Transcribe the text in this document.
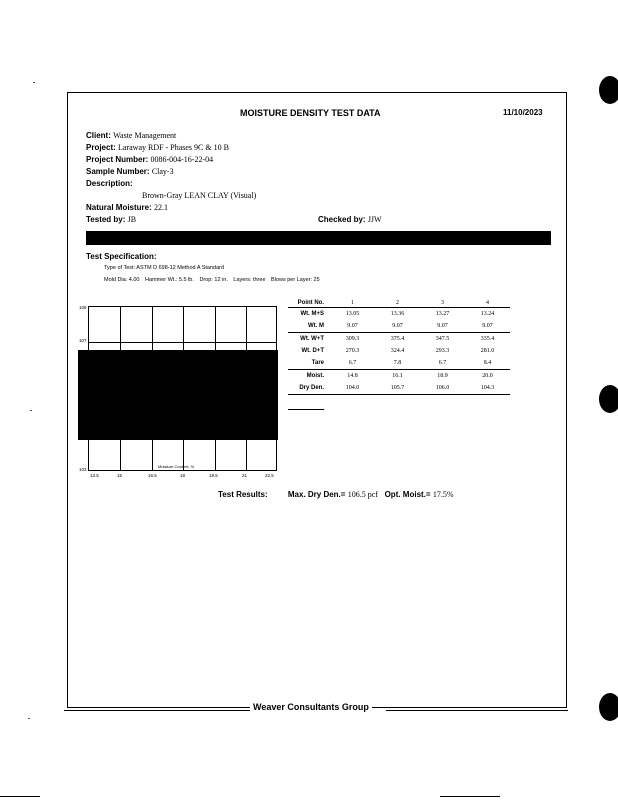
MOISTURE DENSITY TEST DATA	11/10/2023
Client: Waste Management
Project: Laraway RDF - Phases 9C & 10 B
Project Number: 0086-004-16-22-04
Sample Number: Clay-3
Description:
Brown-Gray LEAN CLAY (Visual)
Natural Moisture: 22.1
Tested by: JB	Checked by: JJW
Test Specification:
Type of Test: ASTM D 698-12 Method A Standard
Mold Dia: 4.00 Hammer Wt.: 5.5 lb. Drop: 12 in. Layers: three Blows per Layer: 25
108
107
103
13.5	15	16.5	18	19.5	21	22.5
Moisture Content, %
Point No.	1	2	3	4
Wt. M+S	13.05	13.36	13.27	13.24
Wt. M	9.07	9.07	9.07	9.07
Wt. W+T	309.3	375.4	347.5	335.4
Wt. D+T	270.3	324.4	293.3	281.0
Tare	6.7	7.8	6.7	8.4
Moist.	14.8	16.1	18.9	20.0
Dry Den.	104.0	105.7	106.0	104.3
Test Results:	Max. Dry Den.= 106.5 pcf Opt. Moist.= 17.5%
Weaver Consultants Group
